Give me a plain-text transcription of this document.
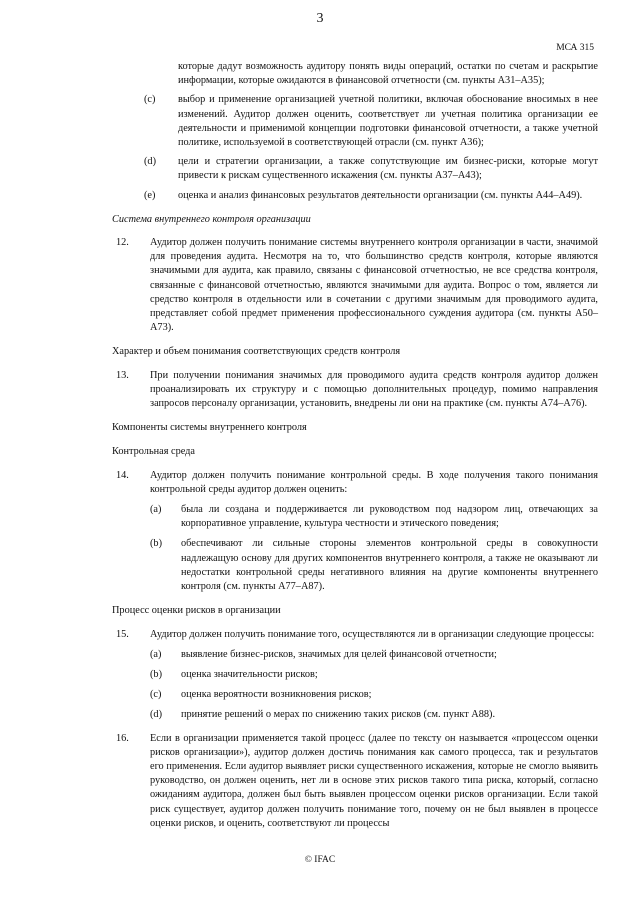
3
МСА 315
которые дадут возможность аудитору понять виды операций, остатки по счетам и раскрытие информации, которые ожидаются в финансовой отчетности (см. пункты A31–A35);
(c)	выбор и применение организацией учетной политики, включая обоснование вносимых в нее изменений. Аудитор должен оценить, соответствует ли учетная политика организации ее деятельности и применимой концепции подготовки финансовой отчетности, а также учетной политике, используемой в соответствующей отрасли (см. пункт A36);
(d)	цели и стратегии организации, а также сопутствующие им бизнес-риски, которые могут привести к рискам существенного искажения (см. пункты A37–A43);
(e)	оценка и анализ финансовых результатов деятельности организации (см. пункты A44–A49).
Система внутреннего контроля организации
12.	Аудитор должен получить понимание системы внутреннего контроля организации в части, значимой для проведения аудита. Несмотря на то, что большинство средств контроля, которые являются значимыми для аудита, как правило, связаны с финансовой отчетностью, не все средства контроля, связанные с финансовой отчетностью, являются значимыми для аудита. Вопрос о том, является ли средство контроля в отдельности или в сочетании с другими значимым для проводимого аудита, представляет собой предмет применения профессионального суждения аудитора (см. пункты A50–A73).
Характер и объем понимания соответствующих средств контроля
13.	При получении понимания значимых для проводимого аудита средств контроля аудитор должен проанализировать их структуру и с помощью дополнительных процедур, помимо направления запросов персоналу организации, установить, внедрены ли они на практике (см. пункты A74–A76).
Компоненты системы внутреннего контроля
Контрольная среда
14.	Аудитор должен получить понимание контрольной среды. В ходе получения такого понимания контрольной среды аудитор должен оценить:
(a)	была ли создана и поддерживается ли руководством под надзором лиц, отвечающих за корпоративное управление, культура честности и этического поведения;
(b)	обеспечивают ли сильные стороны элементов контрольной среды в совокупности надлежащую основу для других компонентов внутреннего контроля, а также не оказывают ли недостатки контрольной среды негативного влияния на другие компоненты внутреннего контроля (см. пункты A77–A87).
Процесс оценки рисков в организации
15.	Аудитор должен получить понимание того, осуществляются ли в организации следующие процессы:
(a)	выявление бизнес-рисков, значимых для целей финансовой отчетности;
(b)	оценка значительности рисков;
(c)	оценка вероятности возникновения рисков;
(d)	принятие решений о мерах по снижению таких рисков (см. пункт A88).
16.	Если в организации применяется такой процесс (далее по тексту он называется «процессом оценки рисков организации»), аудитор должен достичь понимания как самого процесса, так и результатов его применения. Если аудитор выявляет риски существенного искажения, которые не смогло выявить руководство, он должен оценить, нет ли в основе этих рисков такого типа риска, который, согласно ожиданиям аудитора, должен был быть выявлен процессом оценки рисков организации. Если такой риск существует, аудитор должен получить понимание того, почему он не был выявлен в процессе оценки рисков, и оценить, соответствуют ли процессы
© IFAC
